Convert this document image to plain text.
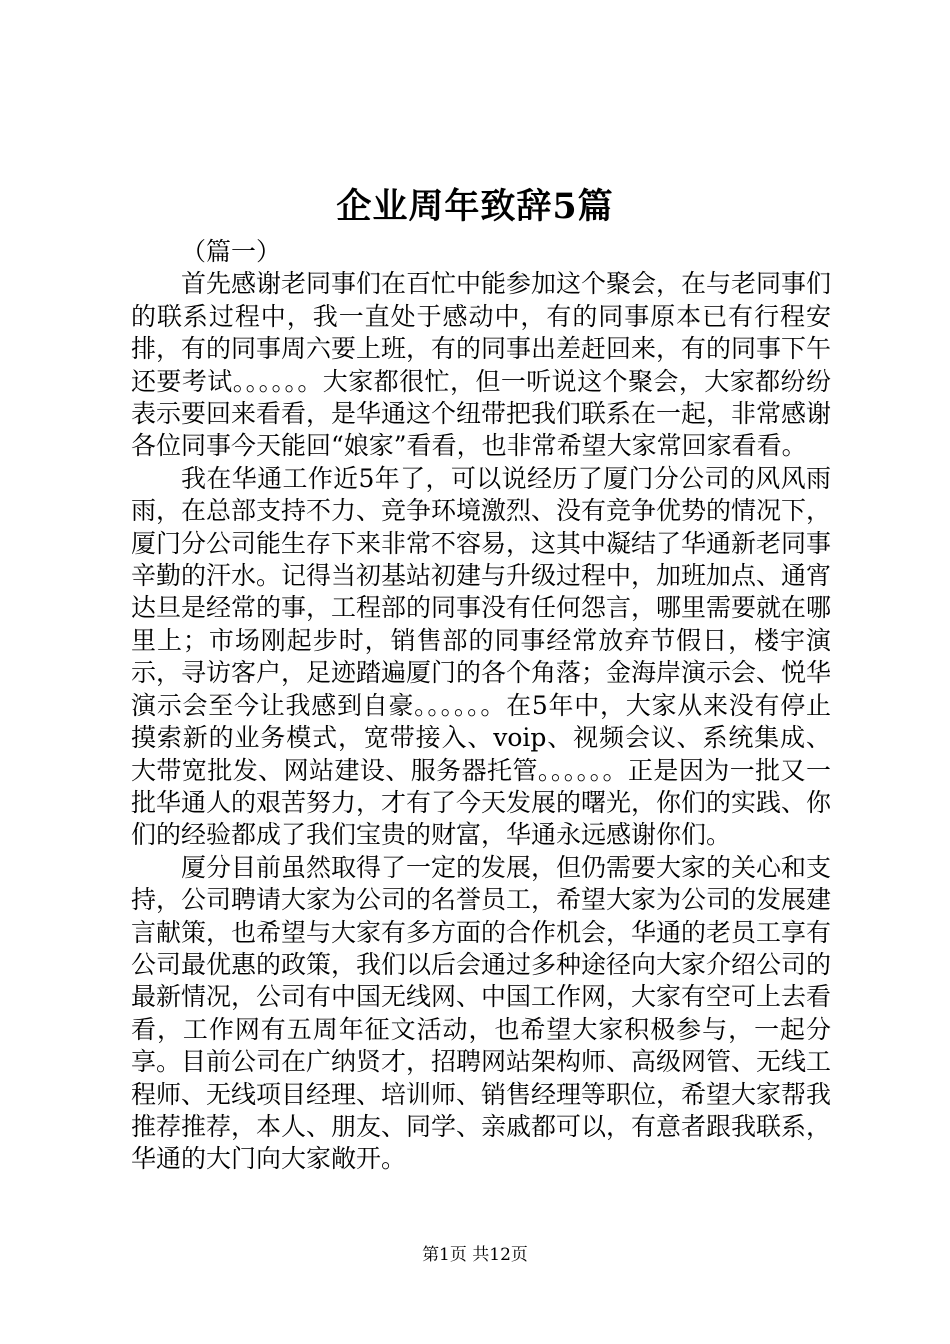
企业周年致辞5篇

（篇一）

首先感谢老同事们在百忙中能参加这个聚会，在与老同事们的联系过程中，我一直处于感动中，有的同事原本已有行程安排，有的同事周六要上班，有的同事出差赶回来，有的同事下午还要考试。。。。。。大家都很忙，但一听说这个聚会，大家都纷纷表示要回来看看，是华通这个纽带把我们联系在一起，非常感谢各位同事今天能回“娘家”看看，也非常希望大家常回家看看。

我在华通工作近5年了，可以说经历了厦门分公司的风风雨雨，在总部支持不力、竞争环境激烈、没有竞争优势的情况下，厦门分公司能生存下来非常不容易，这其中凝结了华通新老同事辛勤的汗水。记得当初基站初建与升级过程中，加班加点、通宵达旦是经常的事，工程部的同事没有任何怨言，哪里需要就在哪里上；市场刚起步时，销售部的同事经常放弃节假日，楼宇演示，寻访客户，足迹踏遍厦门的各个角落；金海岸演示会、悦华演示会至今让我感到自豪。。。。。。在5年中，大家从来没有停止摸索新的业务模式，宽带接入、voip、视频会议、系统集成、大带宽批发、网站建设、服务器托管。。。。。。正是因为一批又一批华通人的艰苦努力，才有了今天发展的曙光，你们的实践、你们的经验都成了我们宝贵的财富，华通永远感谢你们。

厦分目前虽然取得了一定的发展，但仍需要大家的关心和支持，公司聘请大家为公司的名誉员工，希望大家为公司的发展建言献策，也希望与大家有多方面的合作机会，华通的老员工享有公司最优惠的政策，我们以后会通过多种途径向大家介绍公司的最新情况，公司有中国无线网、中国工作网，大家有空可上去看看，工作网有五周年征文活动，也希望大家积极参与，一起分享。目前公司在广纳贤才，招聘网站架构师、高级网管、无线工程师、无线项目经理、培训师、销售经理等职位，希望大家帮我推荐推荐，本人、朋友、同学、亲戚都可以，有意者跟我联系，华通的大门向大家敞开。

第1页 共12页
